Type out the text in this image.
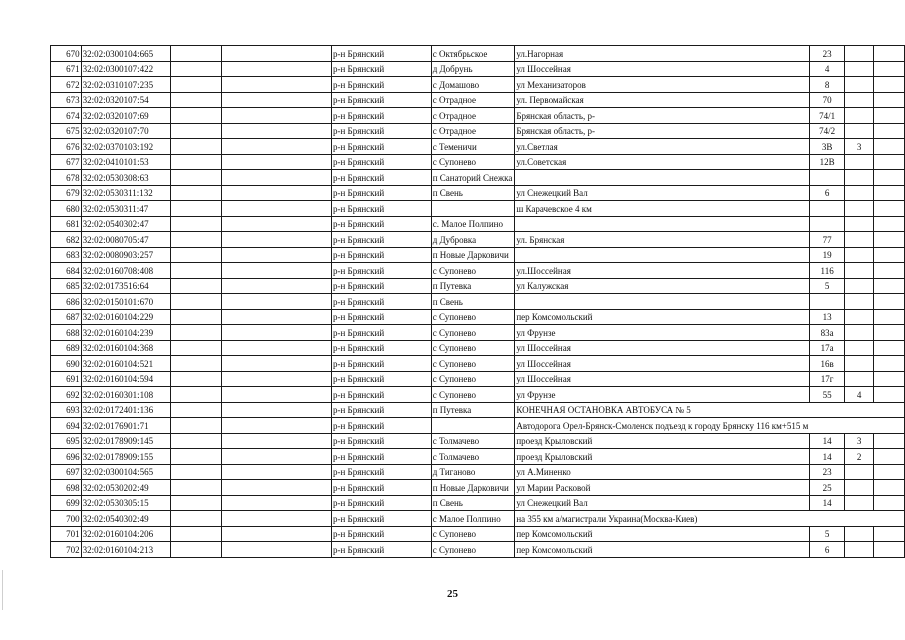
670	32:02:0300104:665			р-н Брянский	с Октябрьское	ул.Нагорная	23		
671	32:02:0300107:422			р-н Брянский	д Добрунь	ул Шоссейная	4		
672	32:02:0310107:235			р-н Брянский	с Домашово	ул Механизаторов	8		
673	32:02:0320107:54			р-н Брянский	с Отрадное	ул. Первомайская	70		
674	32:02:0320107:69			р-н Брянский	с Отрадное	Брянская область, р-	74/1		
675	32:02:0320107:70			р-н Брянский	с Отрадное	Брянская область, р-	74/2		
676	32:02:0370103:192			р-н Брянский	с Теменичи	ул.Светлая	3В	3	
677	32:02:0410101:53			р-н Брянский	с Супонево	ул.Советская	12В		
678	32:02:0530308:63			р-н Брянский	п Санаторий Снежка				
679	32:02:0530311:132			р-н Брянский	п Свень	ул Снежецкий Вал	6		
680	32:02:0530311:47			р-н Брянский		ш Карачевское 4 км			
681	32:02:0540302:47			р-н Брянский	с. Малое Полпино				
682	32:02:0080705:47			р-н Брянский	д Дубровка	ул. Брянская	77		
683	32:02:0080903:257			р-н Брянский	п Новые Дарковичи		19		
684	32:02:0160708:408			р-н Брянский	с Супонево	ул.Шоссейная	116		
685	32:02:0173516:64			р-н Брянский	п Путевка	ул Калужская	5		
686	32:02:0150101:670			р-н Брянский	п Свень				
687	32:02:0160104:229			р-н Брянский	с Супонево	пер Комсомольский	13		
688	32:02:0160104:239			р-н Брянский	с Супонево	ул Фрунзе	83а		
689	32:02:0160104:368			р-н Брянский	с Супонево	ул Шоссейная	17а		
690	32:02:0160104:521			р-н Брянский	с Супонево	ул Шоссейная	16в		
691	32:02:0160104:594			р-н Брянский	с Супонево	ул Шоссейная	17г		
692	32:02:0160301:108			р-н Брянский	с Супонево	ул Фрунзе	55	4	
693	32:02:0172401:136			р-н Брянский	п Путевка	КОНЕЧНАЯ ОСТАНОВКА АВТОБУСА № 5			
694	32:02:0176901:71			р-н Брянский		Автодорога Орел-Брянск-Смоленск подъезд к городу Брянску 116 км+515 м			
695	32:02:0178909:145			р-н Брянский	с Толмачево	проезд Крыловский	14	3	
696	32:02:0178909:155			р-н Брянский	с Толмачево	проезд Крыловский	14	2	
697	32:02:0300104:565			р-н Брянский	д Тиганово	ул А.Миненко	23		
698	32:02:0530202:49			р-н Брянский	п Новые Дарковичи	ул Марии Расковой	25		
699	32:02:0530305:15			р-н Брянский	п Свень	ул Снежецкий Вал	14		
700	32:02:0540302:49			р-н Брянский	с Малое Полпино	на 355 км а/магистрали Украина(Москва-Киев)			
701	32:02:0160104:206			р-н Брянский	с Супонево	пер Комсомольский	5		
702	32:02:0160104:213			р-н Брянский	с Супонево	пер Комсомольский	6		
25
